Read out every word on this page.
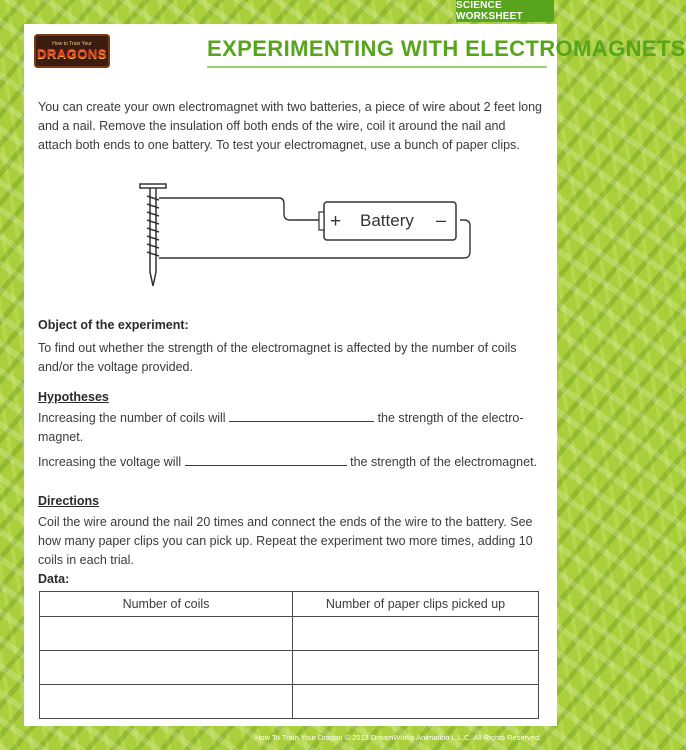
SCIENCE WORKSHEET
How to Train Your
DRAGONS	EXPERIMENTING WITH ELECTROMAGNETS
You can create your own electromagnet with two batteries, a piece of wire about 2 feet long and a nail. Remove the insulation off both ends of the wire, coil it around the nail and attach both ends to one battery. To test your electromagnet, use a bunch of paper clips.
+ Battery –
Object of the experiment:
To find out whether the strength of the electromagnet is affected by the number of coils and/or the voltage provided.
Hypotheses
Increasing the number of coils will	the strength of the electro-
magnet.
Increasing the voltage will	the strength of the electromagnet.
Directions
Coil the wire around the nail 20 times and connect the ends of the wire to the battery. See how many paper clips you can pick up. Repeat the experiment two more times, adding 10 coils in each trial.
Data:
Number of coils	Number of paper clips picked up

How To Train Your Dragon © 2013 DreamWorks Animation L.L.C. All Rights Reserved.
